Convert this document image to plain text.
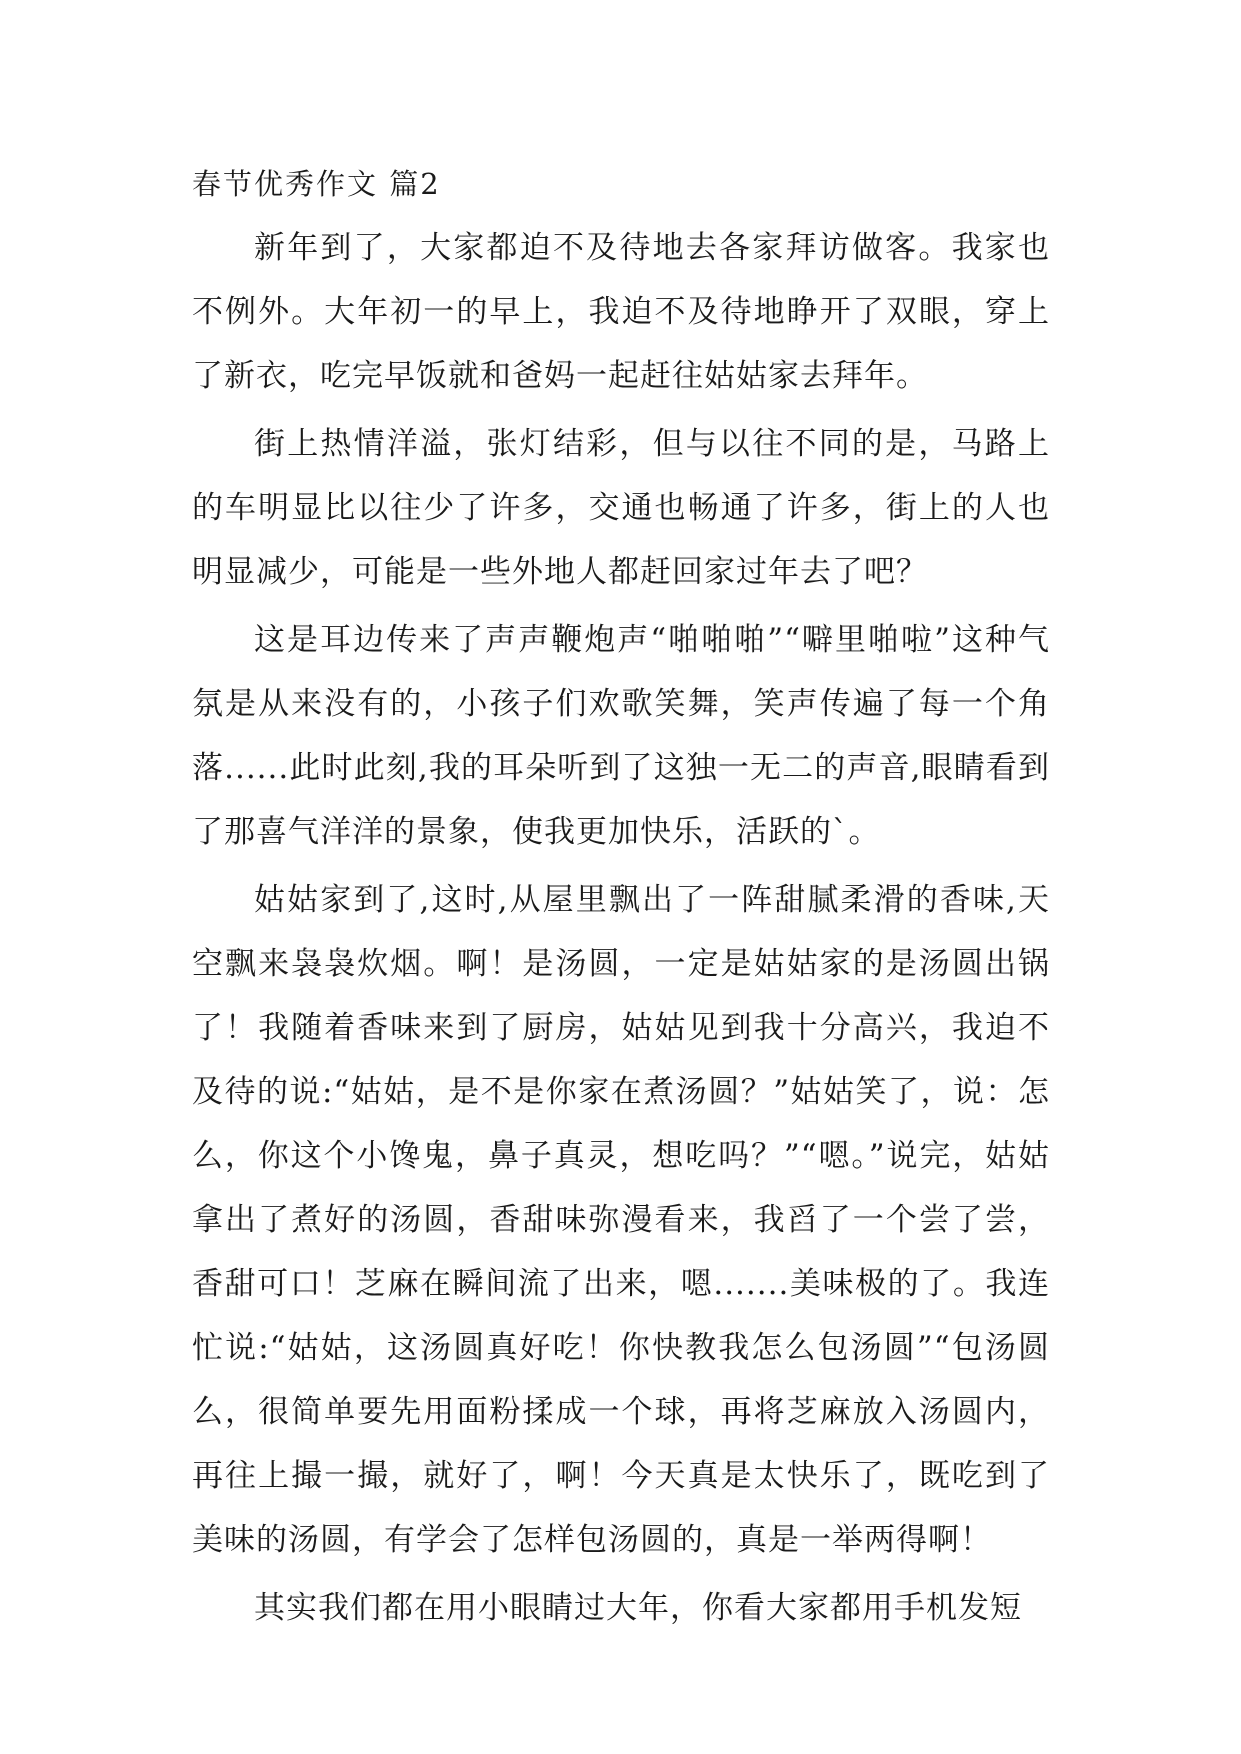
春节优秀作文 篇2

新年到了，大家都迫不及待地去各家拜访做客。我家也不例外。大年初一的早上，我迫不及待地睁开了双眼，穿上了新衣，吃完早饭就和爸妈一起赶往姑姑家去拜年。

街上热情洋溢，张灯结彩，但与以往不同的是，马路上的车明显比以往少了许多，交通也畅通了许多，街上的人也明显减少，可能是一些外地人都赶回家过年去了吧？

这是耳边传来了声声鞭炮声“啪啪啪”“噼里啪啦”这种气氛是从来没有的，小孩子们欢歌笑舞，笑声传遍了每一个角落......此时此刻,我的耳朵听到了这独一无二的声音,眼睛看到了那喜气洋洋的景象，使我更加快乐，活跃的`。

姑姑家到了,这时,从屋里飘出了一阵甜腻柔滑的香味,天空飘来袅袅炊烟。啊！是汤圆，一定是姑姑家的是汤圆出锅了！我随着香味来到了厨房，姑姑见到我十分高兴，我迫不及待的说:“姑姑，是不是你家在煮汤圆？”姑姑笑了，说：怎么，你这个小馋鬼，鼻子真灵，想吃吗？”“嗯。”说完，姑姑拿出了煮好的汤圆，香甜味弥漫看来，我舀了一个尝了尝，香甜可口！芝麻在瞬间流了出来，嗯.......美味极的了。我连忙说:“姑姑，这汤圆真好吃！你快教我怎么包汤圆”“包汤圆么，很简单要先用面粉揉成一个球，再将芝麻放入汤圆内，再往上撮一撮，就好了，啊！今天真是太快乐了，既吃到了美味的汤圆，有学会了怎样包汤圆的，真是一举两得啊！

其实我们都在用小眼睛过大年，你看大家都用手机发短
